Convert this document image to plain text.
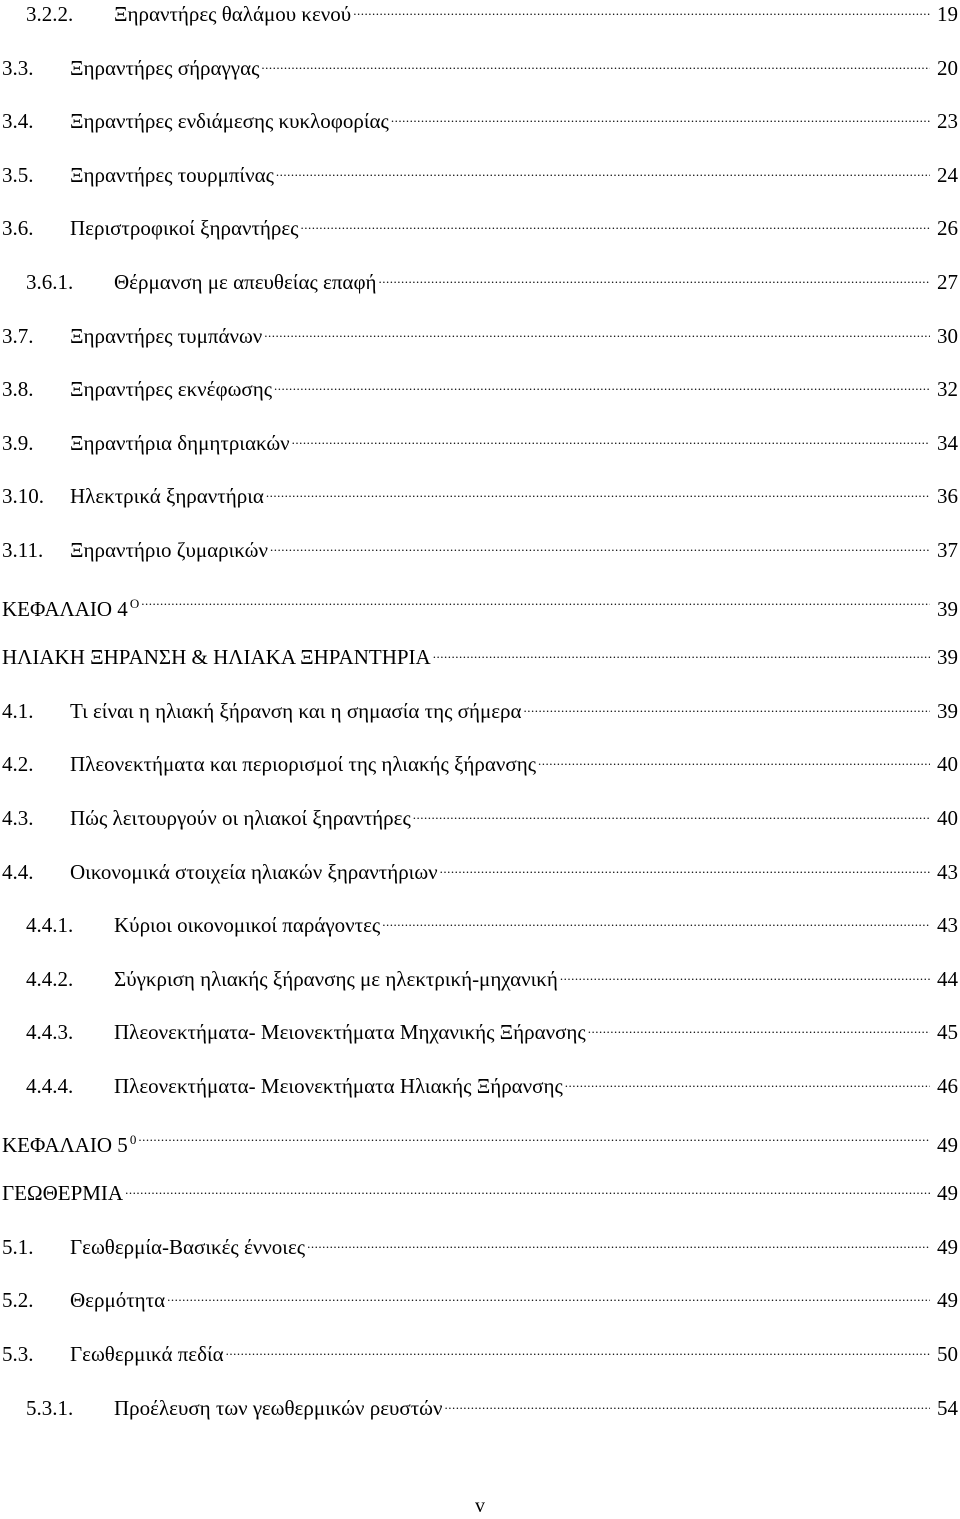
3.2.2.	Ξηραντήρες θαλάμου κενού .....	19
3.3.	Ξηραντήρες σήραγγας .....	20
3.4.	Ξηραντήρες ενδιάμεσης κυκλοφορίας .....	23
3.5.	Ξηραντήρες τουρμπίνας .....	24
3.6.	Περιστροφικοί ξηραντήρες .....	26
3.6.1.	Θέρμανση με απευθείας επαφή .....	27
3.7.	Ξηραντήρες τυμπάνων .....	30
3.8.	Ξηραντήρες εκνέφωσης .....	32
3.9.	Ξηραντήρια δημητριακών .....	34
3.10.	Ηλεκτρικά ξηραντήρια .....	36
3.11.	Ξηραντήριο ζυμαρικών .....	37
ΚΕΦΑΛΑΙΟ 4 $^O$ .....	39
ΗΛΙΑΚΗ ΞΗΡΑΝΣΗ & ΗΛΙΑΚΑ ΞΗΡΑΝΤΗΡΙΑ .....	39
4.1.	Τι είναι η ηλιακή ξήρανση και η σημασία της σήμερα .....	39
4.2.	Πλεονεκτήματα και περιορισμοί της ηλιακής ξήρανσης .....	40
4.3.	Πώς λειτουργούν οι ηλιακοί ξηραντήρες .....	40
4.4.	Οικονομικά στοιχεία ηλιακών ξηραντήριων .....	43
4.4.1.	Κύριοι οικονομικοί παράγοντες .....	43
4.4.2.	Σύγκριση ηλιακής ξήρανσης με ηλεκτρική-μηχανική .....	44
4.4.3.	Πλεονεκτήματα- Μειονεκτήματα Μηχανικής Ξήρανσης .....	45
4.4.4.	Πλεονεκτήματα- Μειονεκτήματα Ηλιακής Ξήρανσης .....	46
ΚΕΦΑΛΑΙΟ 5 $^0$ .....	49
ΓΕΩΘΕΡΜΙΑ .....	49
5.1.	Γεωθερμία-Βασικές έννοιες .....	49
5.2.	Θερμότητα .....	49
5.3.	Γεωθερμικά πεδία .....	50
5.3.1.	Προέλευση των γεωθερμικών ρευστών .....	54
v
